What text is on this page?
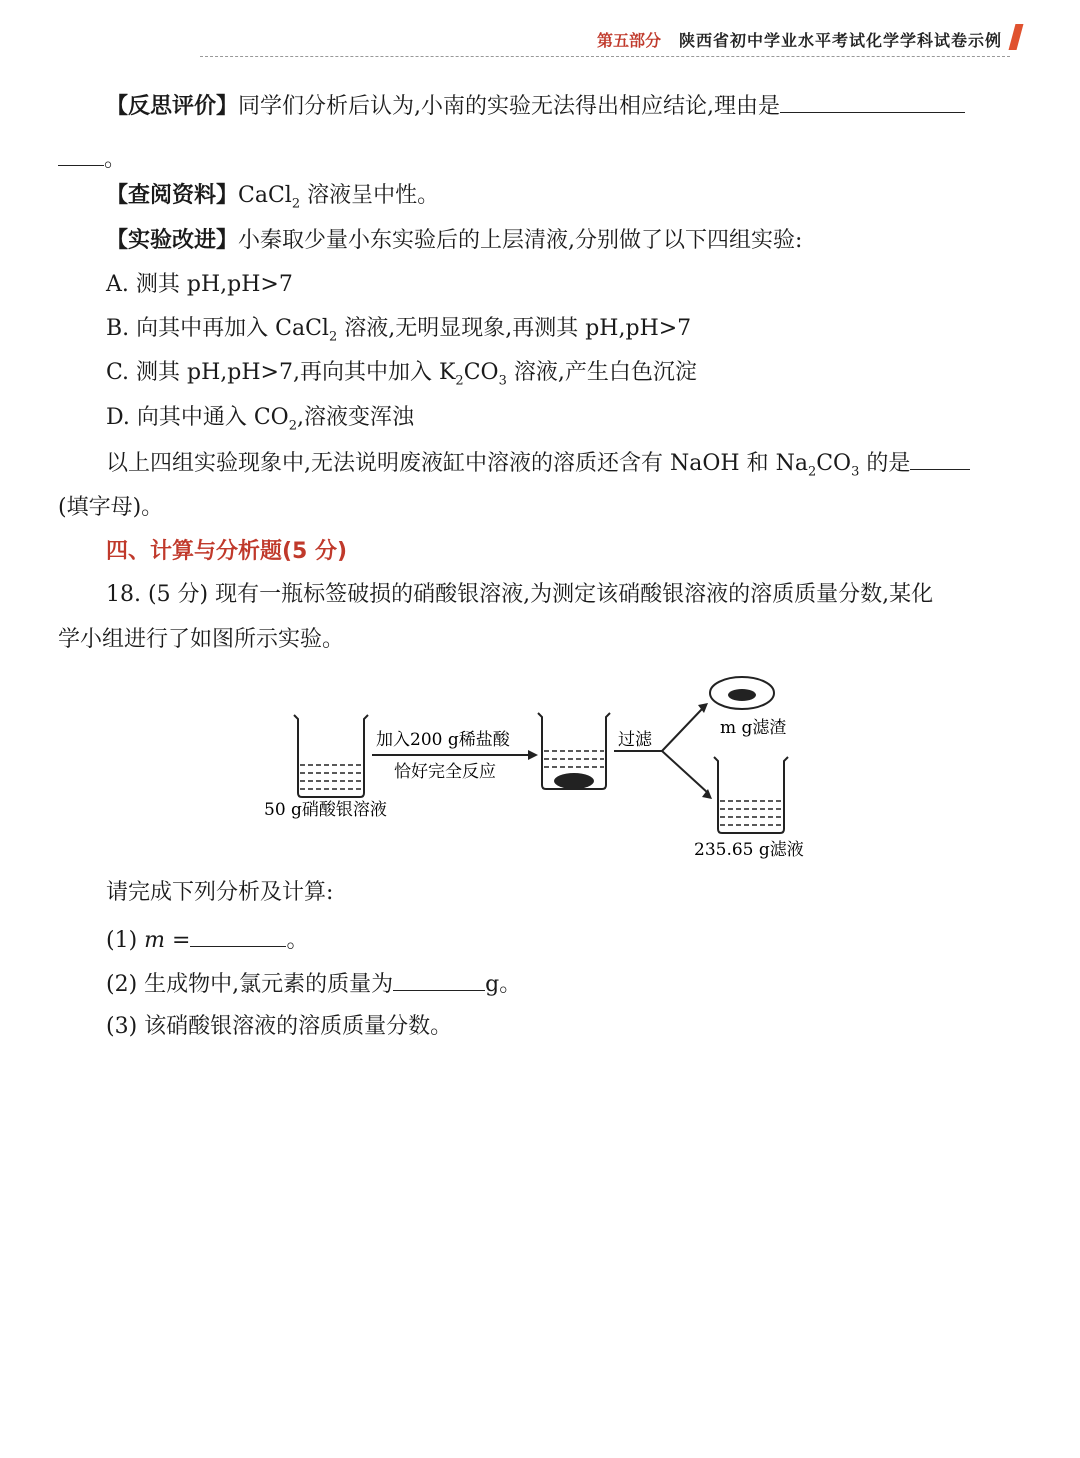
第五部分 陕西省初中学业水平考试化学学科试卷示例
【反思评价】同学们分析后认为,小南的实验无法得出相应结论,理由是
。
【查阅资料】CaCl$_2$ 溶液呈中性。
【实验改进】小秦取少量小东实验后的上层清液,分别做了以下四组实验:
A. 测其 pH,pH>7
B. 向其中再加入 CaCl$_2$ 溶液,无明显现象,再测其 pH,pH>7
C. 测其 pH,pH>7,再向其中加入 $K_2CO_3$ 溶液,产生白色沉淀
D. 向其中通入 $CO_2$,溶液变浑浊
以上四组实验现象中,无法说明废液缸中溶液的溶质还含有 NaOH 和 $Na_2CO_3$ 的是
(填字母)。
四、计算与分析题(5 分)
18. (5 分) 现有一瓶标签破损的硝酸银溶液,为测定该硝酸银溶液的溶质质量分数,某化
学小组进行了如图所示实验。
50 g硝酸银溶液
加入200 g稀盐酸
恰好完全反应
过滤
m g滤渣
235.65 g滤液
请完成下列分析及计算:
(1) m =	。
(2) 生成物中,氯元素的质量为	g。
(3) 该硝酸银溶液的溶质质量分数。
